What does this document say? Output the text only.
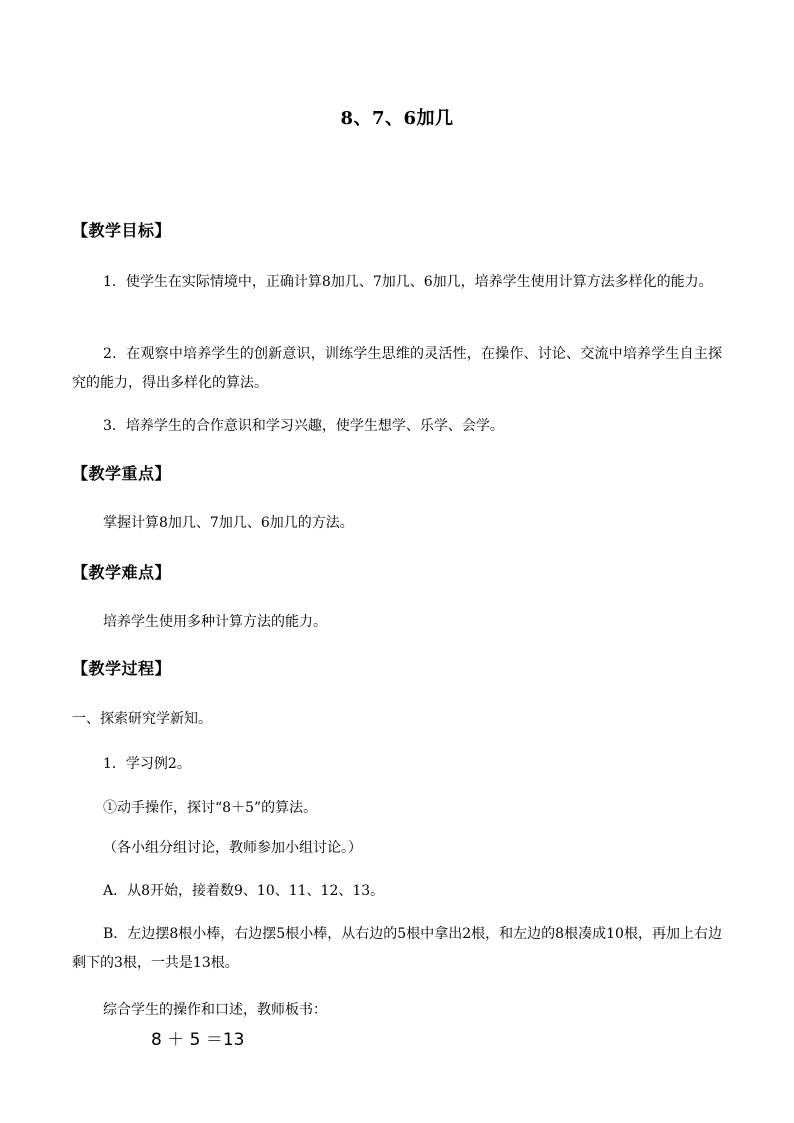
8、7、6加几
【教学目标】
1．使学生在实际情境中，正确计算8加几、7加几、6加几，培养学生使用计算方法多样化的能力。
2．在观察中培养学生的创新意识，训练学生思维的灵活性，在操作、讨论、交流中培养学生自主探究的能力，得出多样化的算法。
3．培养学生的合作意识和学习兴趣，使学生想学、乐学、会学。
【教学重点】
掌握计算8加几、7加几、6加几的方法。
【教学难点】
培养学生使用多种计算方法的能力。
【教学过程】
一、探索研究学新知。
1．学习例2。
①动手操作，探讨“8＋5”的算法。
（各小组分组讨论，教师参加小组讨论。）
A．从8开始，接着数9、10、11、12、13。
B．左边摆8根小棒，右边摆5根小棒，从右边的5根中拿出2根，和左边的8根凑成10根，再加上右边剩下的3根，一共是13根。
综合学生的操作和口述，教师板书：
8 ＋ 5 ＝13
